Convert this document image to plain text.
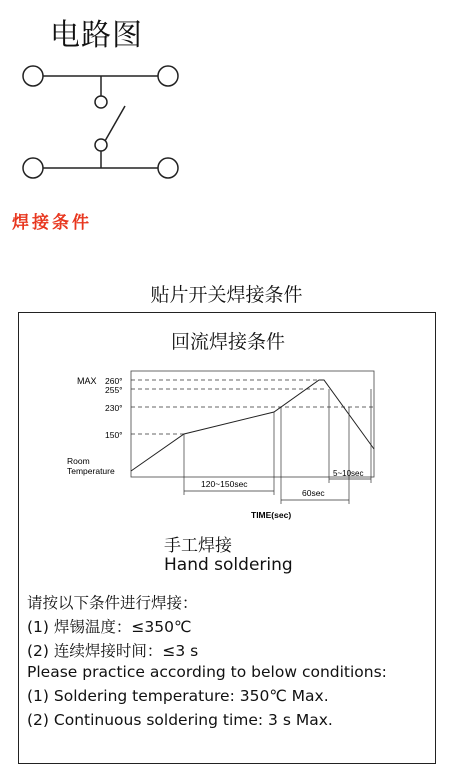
电路图
焊接条件
贴片开关焊接条件
回流焊接条件
MAX 260°
255°
230°
150°
Room
Temperature
120~150sec
60sec
5~10sec
TIME(sec)
手工焊接
Hand soldering
请按以下条件进行焊接：
(1) 焊锡温度：≤350℃
(2) 连续焊接时间：≤3 s
Please practice according to below conditions:
(1) Soldering temperature: 350℃ Max.
(2) Continuous soldering time: 3 s Max.
